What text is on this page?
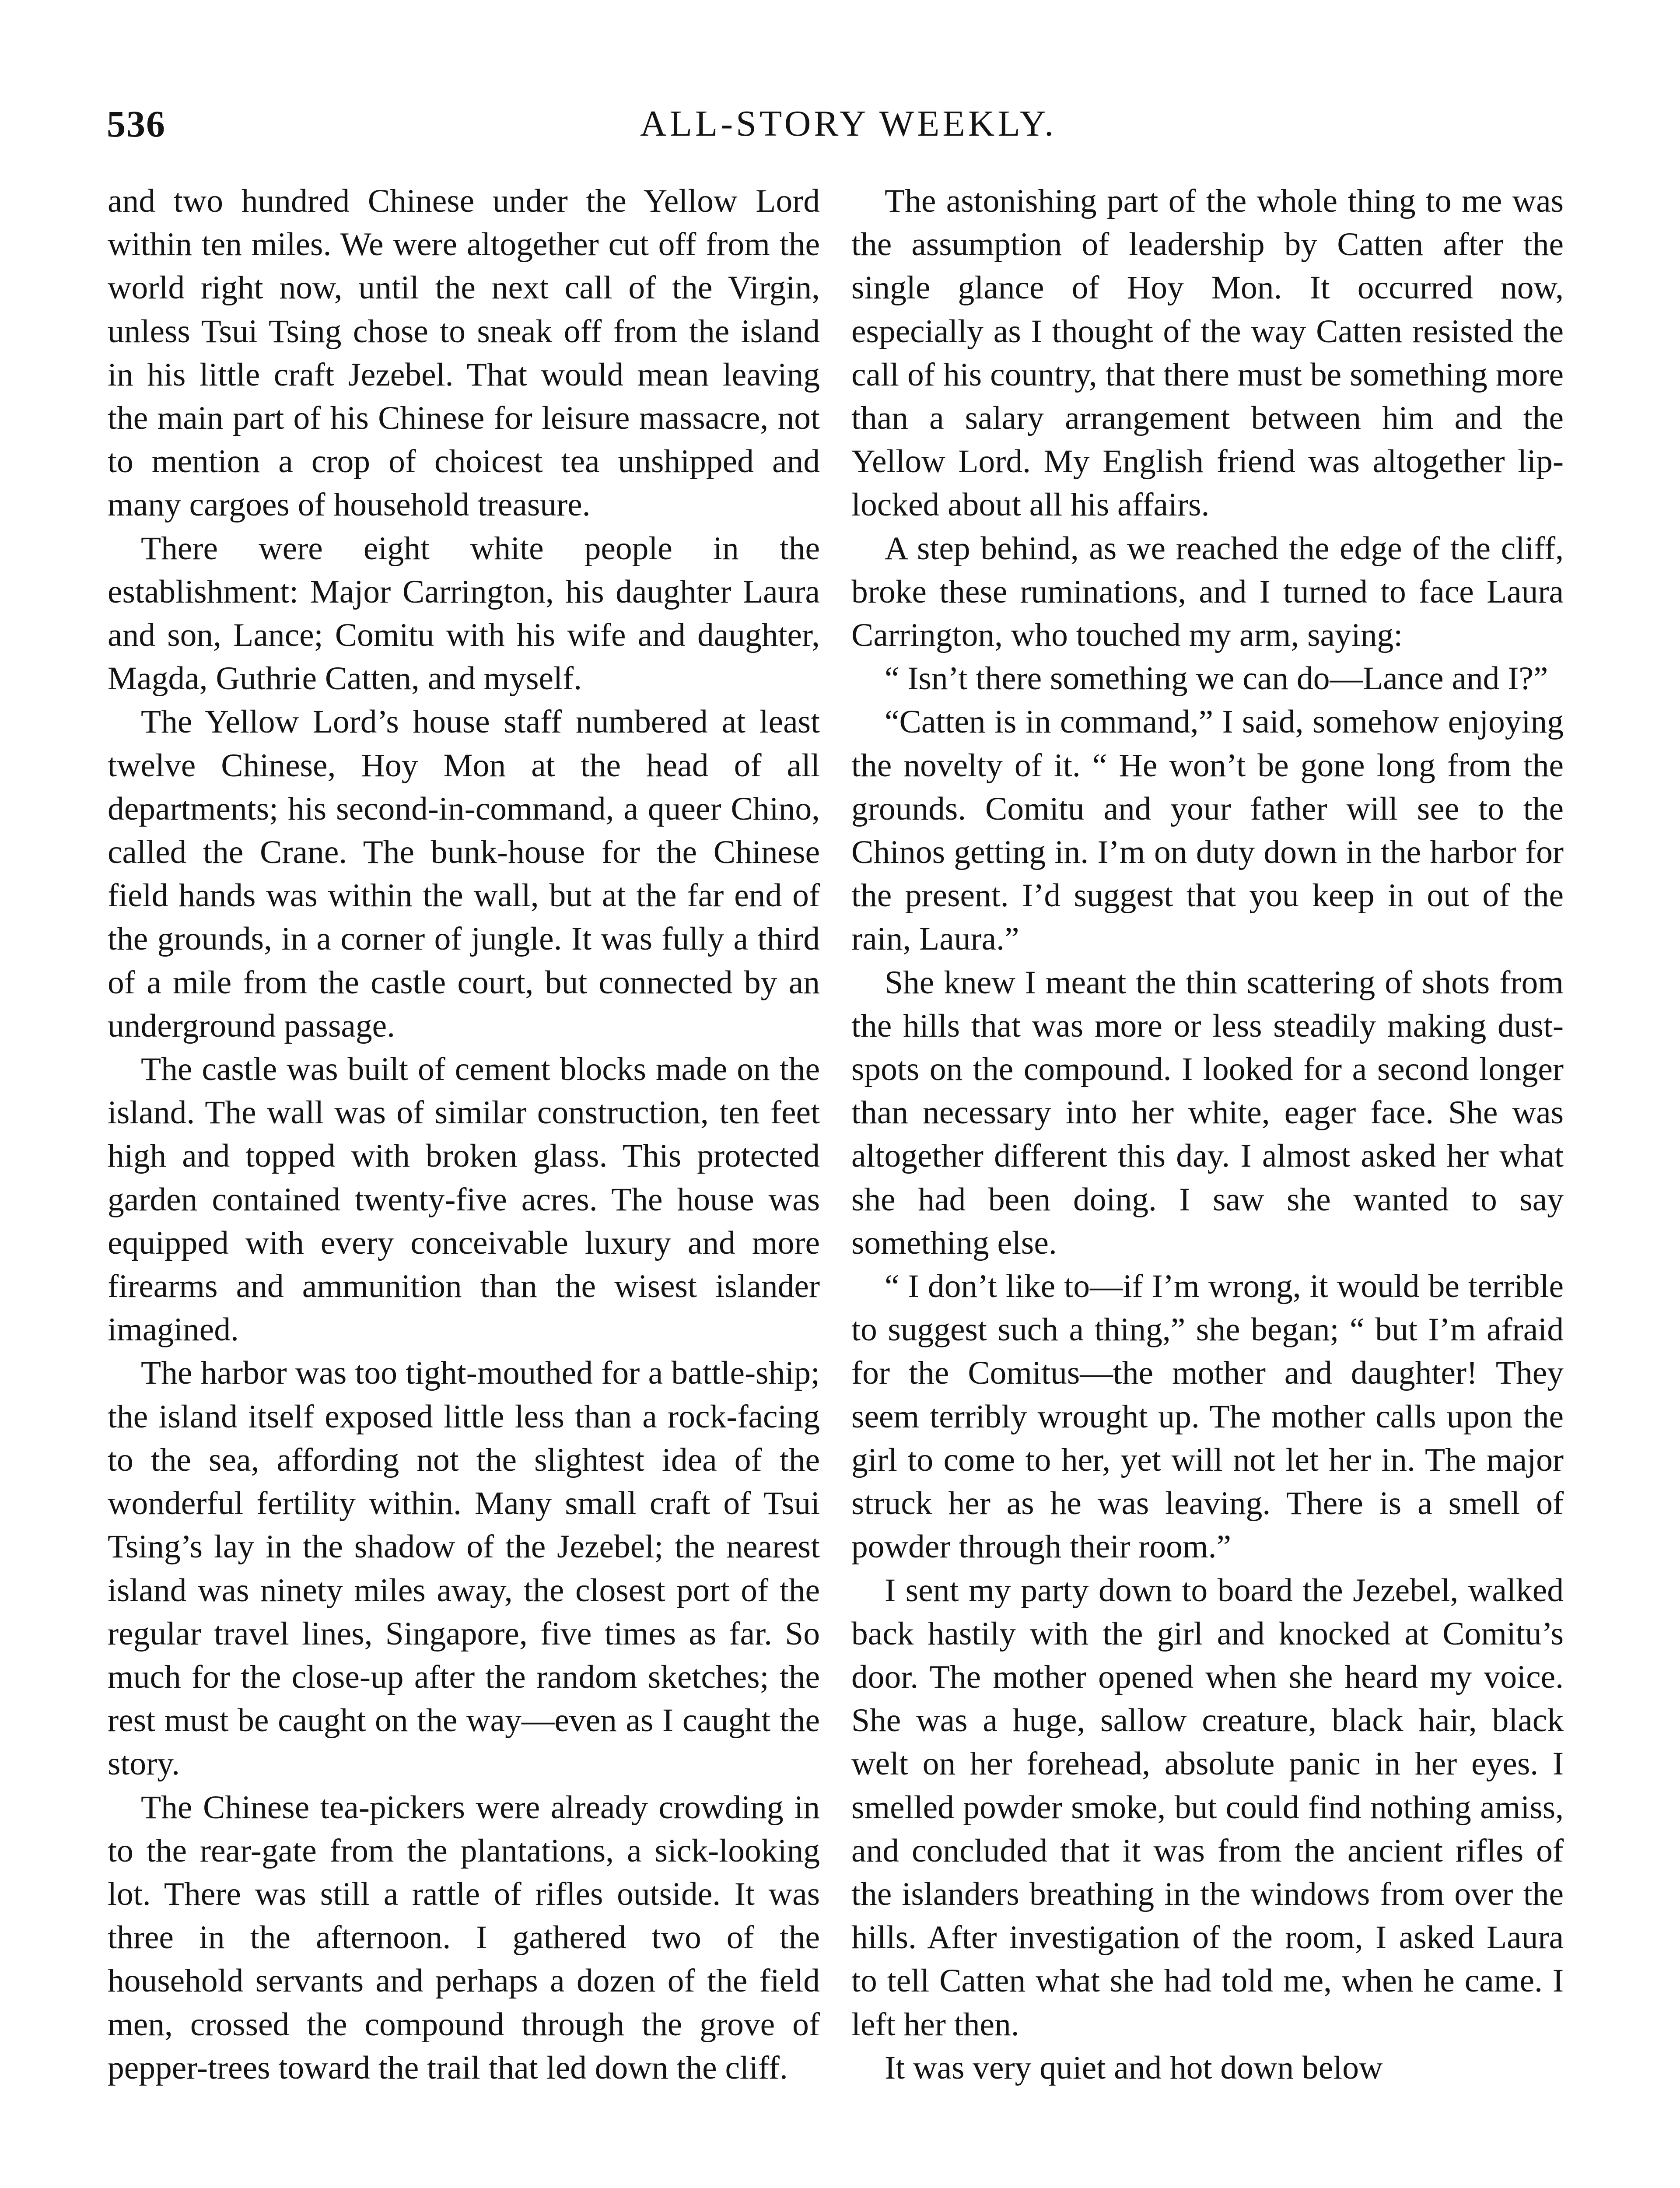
536	ALL-STORY WEEKLY.

and two hundred Chinese under the Yellow Lord within ten miles. We were altogether cut off from the world right now, until the next call of the Virgin, unless Tsui Tsing chose to sneak off from the island in his little craft Jezebel. That would mean leaving the main part of his Chinese for leisure massacre, not to mention a crop of choicest tea unshipped and many cargoes of household treasure.

There were eight white people in the establishment: Major Carrington, his daughter Laura and son, Lance; Comitu with his wife and daughter, Magda, Guthrie Catten, and myself.

The Yellow Lord’s house staff numbered at least twelve Chinese, Hoy Mon at the head of all departments; his second-in-command, a queer Chino, called the Crane. The bunk-house for the Chinese field hands was within the wall, but at the far end of the grounds, in a corner of jungle. It was fully a third of a mile from the castle court, but connected by an underground passage.

The castle was built of cement blocks made on the island. The wall was of similar construction, ten feet high and topped with broken glass. This protected garden contained twenty-five acres. The house was equipped with every conceivable luxury and more firearms and ammunition than the wisest islander imagined.

The harbor was too tight-mouthed for a battle-ship; the island itself exposed little less than a rock-facing to the sea, affording not the slightest idea of the wonderful fertility within. Many small craft of Tsui Tsing’s lay in the shadow of the Jezebel; the nearest island was ninety miles away, the closest port of the regular travel lines, Singapore, five times as far. So much for the close-up after the random sketches; the rest must be caught on the way—even as I caught the story.

The Chinese tea-pickers were already crowding in to the rear-gate from the plantations, a sick-looking lot. There was still a rattle of rifles outside. It was three in the afternoon. I gathered two of the household servants and perhaps a dozen of the field men, crossed the compound through the grove of pepper-trees toward the trail that led down the cliff.

The astonishing part of the whole thing to me was the assumption of leadership by Catten after the single glance of Hoy Mon. It occurred now, especially as I thought of the way Catten resisted the call of his country, that there must be something more than a salary arrangement between him and the Yellow Lord. My English friend was altogether lip-locked about all his affairs.

A step behind, as we reached the edge of the cliff, broke these ruminations, and I turned to face Laura Carrington, who touched my arm, saying:

“ Isn’t there something we can do—Lance and I?”

“Catten is in command,” I said, somehow enjoying the novelty of it. “ He won’t be gone long from the grounds. Comitu and your father will see to the Chinos getting in. I’m on duty down in the harbor for the present. I’d suggest that you keep in out of the rain, Laura.”

She knew I meant the thin scattering of shots from the hills that was more or less steadily making dust-spots on the compound. I looked for a second longer than necessary into her white, eager face. She was altogether different this day. I almost asked her what she had been doing. I saw she wanted to say something else.

“ I don’t like to—if I’m wrong, it would be terrible to suggest such a thing,” she began; “ but I’m afraid for the Comitus—the mother and daughter! They seem terribly wrought up. The mother calls upon the girl to come to her, yet will not let her in. The major struck her as he was leaving. There is a smell of powder through their room.”

I sent my party down to board the Jezebel, walked back hastily with the girl and knocked at Comitu’s door. The mother opened when she heard my voice. She was a huge, sallow creature, black hair, black welt on her forehead, absolute panic in her eyes. I smelled powder smoke, but could find nothing amiss, and concluded that it was from the ancient rifles of the islanders breathing in the windows from over the hills. After investigation of the room, I asked Laura to tell Catten what she had told me, when he came. I left her then.

It was very quiet and hot down below
